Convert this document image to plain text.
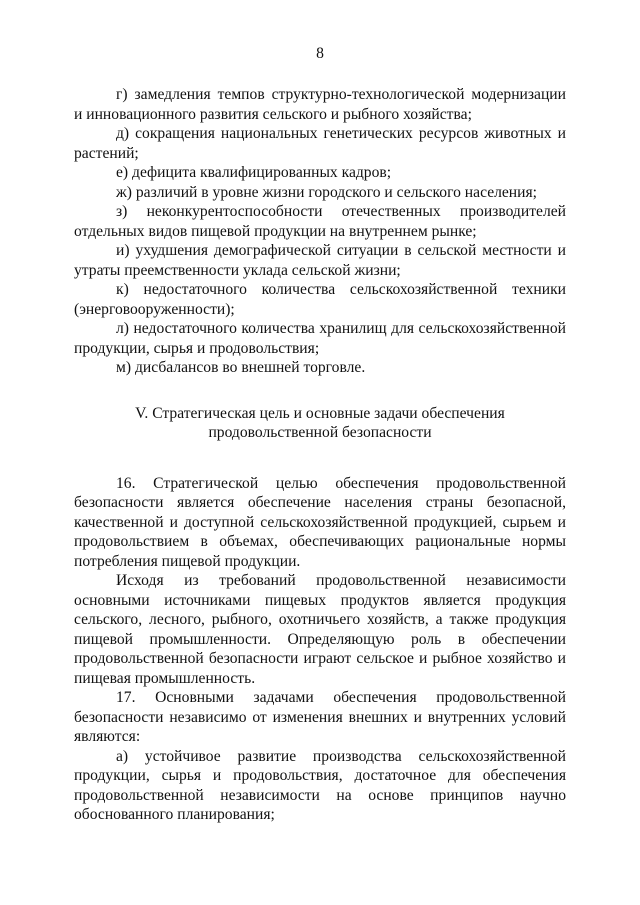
8

г) замедления темпов структурно-технологической модернизации и инновационного развития сельского и рыбного хозяйства;

д) сокращения национальных генетических ресурсов животных и растений;

е) дефицита квалифицированных кадров;

ж) различий в уровне жизни городского и сельского населения;

з) неконкурентоспособности отечественных производителей отдельных видов пищевой продукции на внутреннем рынке;

и) ухудшения демографической ситуации в сельской местности и утраты преемственности уклада сельской жизни;

к) недостаточного количества сельскохозяйственной техники (энерговооруженности);

л) недостаточного количества хранилищ для сельскохозяйственной продукции, сырья и продовольствия;

м) дисбалансов во внешней торговле.

V. Стратегическая цель и основные задачи обеспечения
продовольственной безопасности

16. Стратегической целью обеспечения продовольственной безопасности является обеспечение населения страны безопасной, качественной и доступной сельскохозяйственной продукцией, сырьем и продовольствием в объемах, обеспечивающих рациональные нормы потребления пищевой продукции.

Исходя из требований продовольственной независимости основными источниками пищевых продуктов является продукция сельского, лесного, рыбного, охотничьего хозяйств, а также продукция пищевой промышленности. Определяющую роль в обеспечении продовольственной безопасности играют сельское и рыбное хозяйство и пищевая промышленность.

17. Основными задачами обеспечения продовольственной безопасности независимо от изменения внешних и внутренних условий являются:

а) устойчивое развитие производства сельскохозяйственной продукции, сырья и продовольствия, достаточное для обеспечения продовольственной независимости на основе принципов научно обоснованного планирования;
